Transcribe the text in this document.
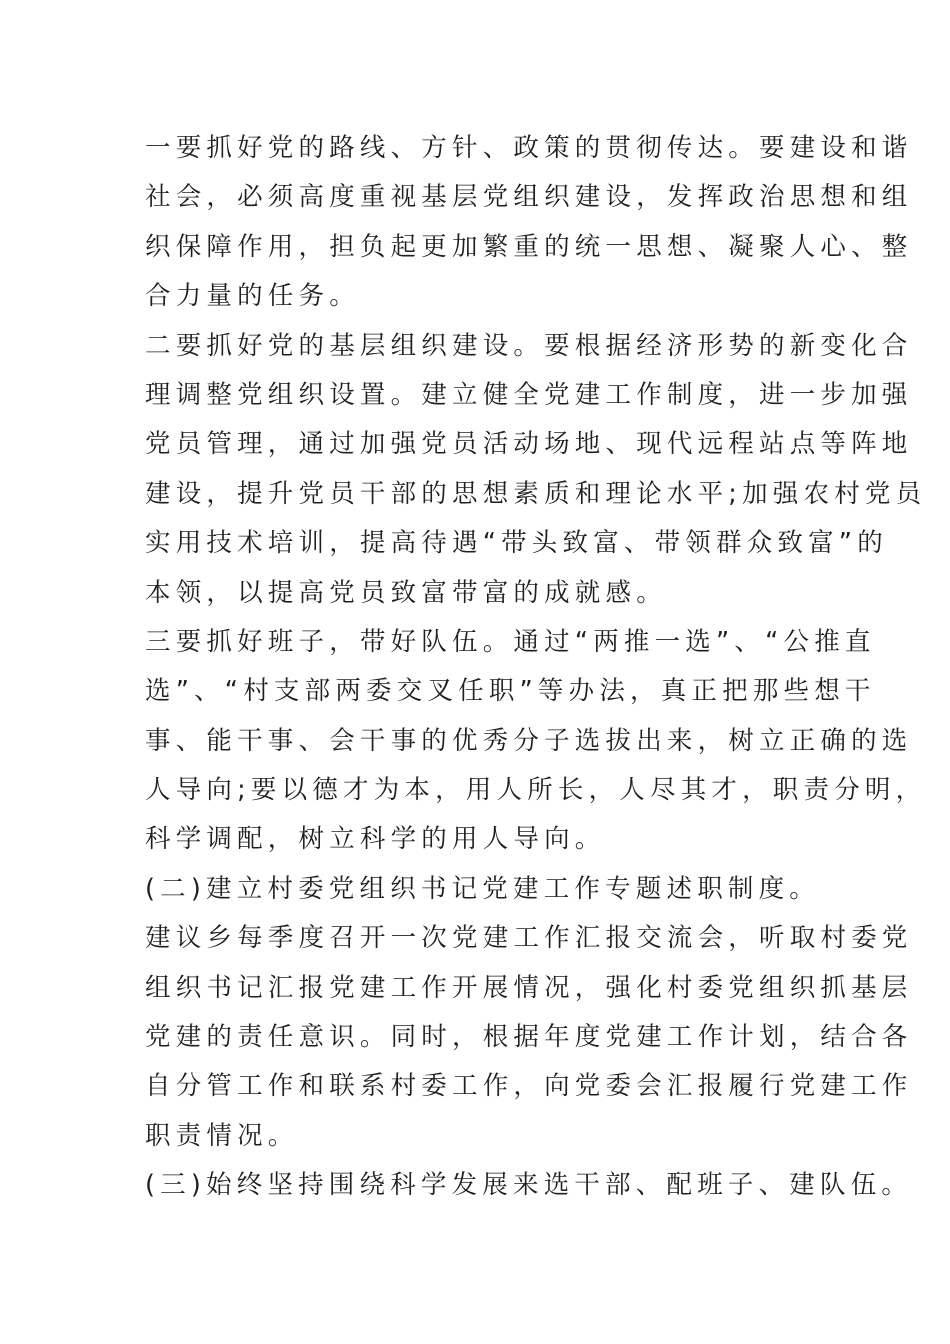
一要抓好党的路线、方针、政策的贯彻传达。要建设和谐
社会，必须高度重视基层党组织建设，发挥政治思想和组
织保障作用，担负起更加繁重的统一思想、凝聚人心、整
合力量的任务。
二要抓好党的基层组织建设。要根据经济形势的新变化合
理调整党组织设置。建立健全党建工作制度，进一步加强
党员管理，通过加强党员活动场地、现代远程站点等阵地
建设，提升党员干部的思想素质和理论水平;加强农村党员
实用技术培训，提高待遇“带头致富、带领群众致富”的
本领，以提高党员致富带富的成就感。
三要抓好班子，带好队伍。通过“两推一选”、“公推直
选”、“村支部两委交叉任职”等办法，真正把那些想干
事、能干事、会干事的优秀分子选拔出来，树立正确的选
人导向;要以德才为本，用人所长，人尽其才，职责分明，
科学调配，树立科学的用人导向。
(二)建立村委党组织书记党建工作专题述职制度。
建议乡每季度召开一次党建工作汇报交流会，听取村委党
组织书记汇报党建工作开展情况，强化村委党组织抓基层
党建的责任意识。同时，根据年度党建工作计划，结合各
自分管工作和联系村委工作，向党委会汇报履行党建工作
职责情况。
(三)始终坚持围绕科学发展来选干部、配班子、建队伍。
